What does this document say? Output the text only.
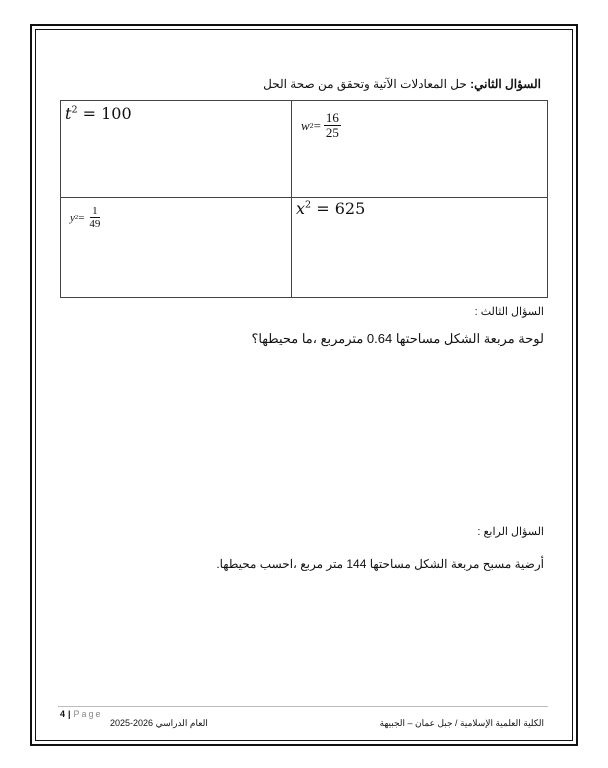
السؤال الثاني: حل المعادلات الآتية وتحقق من صحة الحل
$t^2 = 100$	w $2 = \frac{16}{25}$

y $2 = \frac{1}{49}$	$x^2 = 625$
السؤال الثالث :
لوحة مربعة الشكل مساحتها 0.64 مترمربع ،ما محيطها؟
السؤال الرابع :
أرضية مسبح مربعة الشكل مساحتها 144 متر مربع ،احسب محيطها.
4 | Page
العام الدراسي 2026-2025	الكلية العلمية الإسلامية / جبل عمان – الجبيهة
